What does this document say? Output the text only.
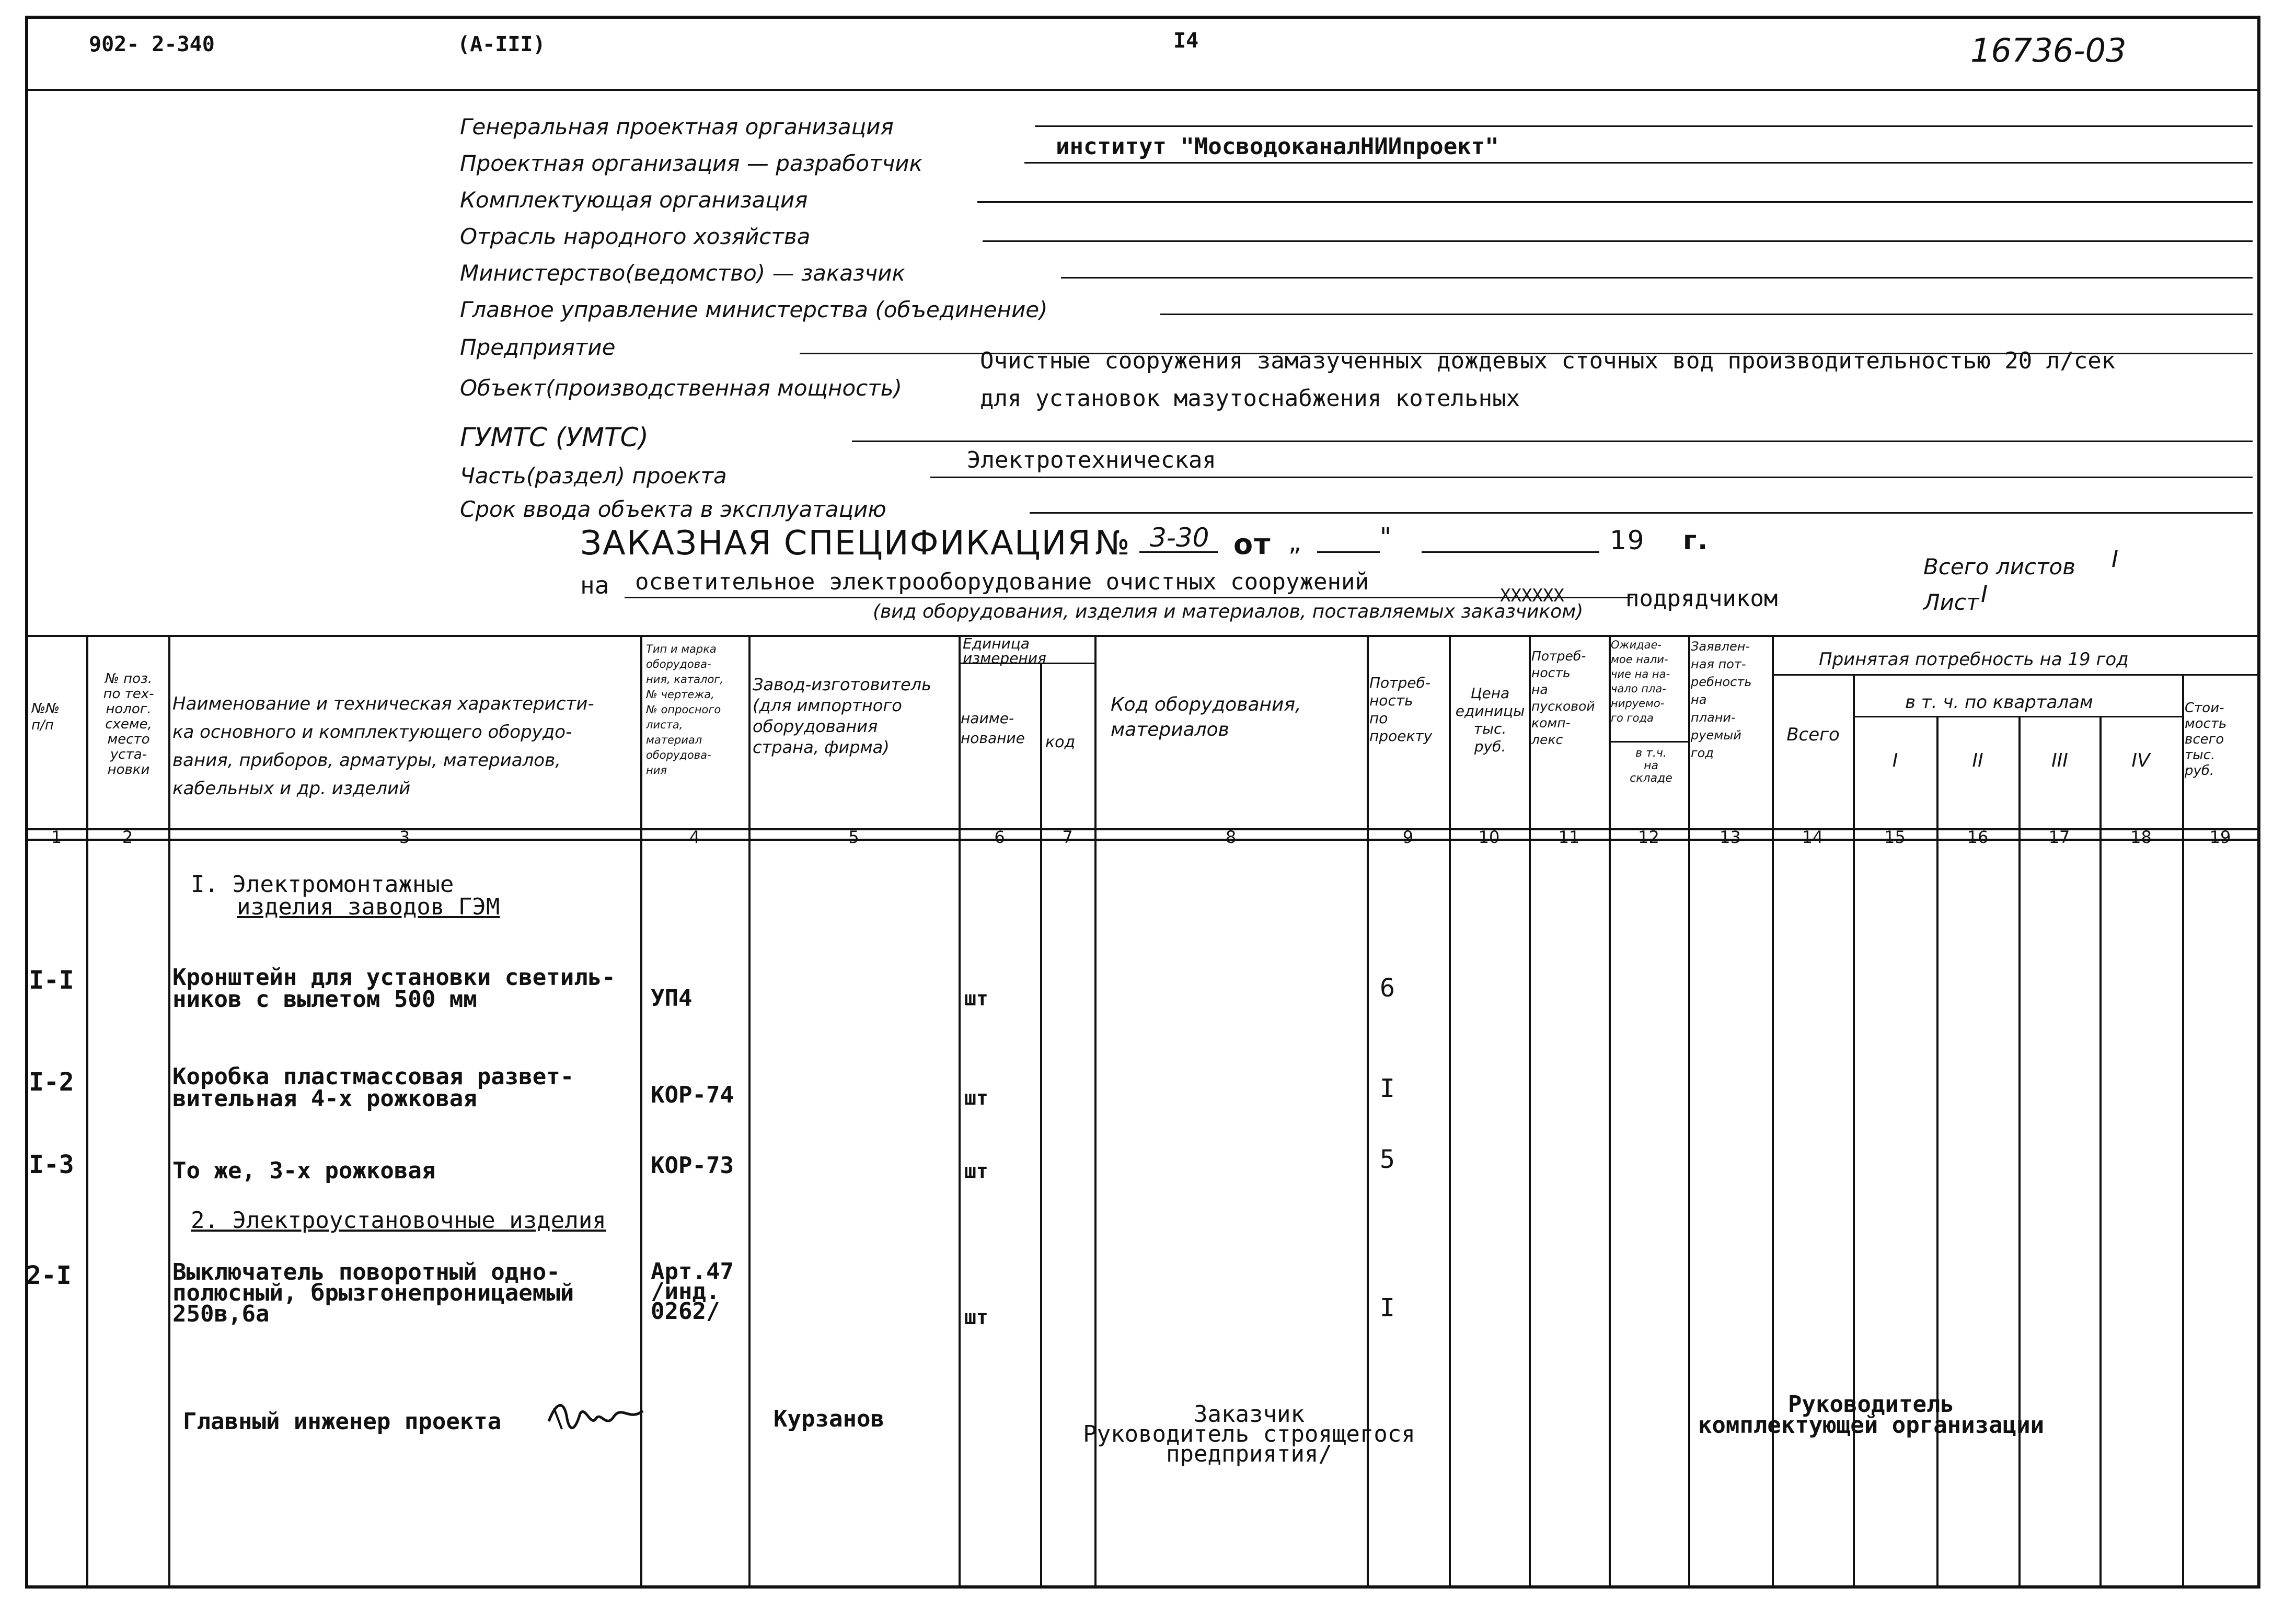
902- 2-340	(А-III)	I4	16736-03
Генеральная проектная организация
Проектная организация — разработчик
институт "МосводоканалНИИпроект"
Комплектующая организация
Отрасль народного хозяйства
Министерство(ведомство) — заказчик
Главное управление министерства (объединение)
Предприятие
Объект(производственная мощность)
Очистные сооружения замазученных дождевых сточных вод производительностью 20 л/сек
для установок мазутоснабжения котельных
ГУМТС (УМТС)
Часть(раздел) проекта
Электротехническая
Срок ввода объекта в эксплуатацию
ЗАКАЗНАЯ СПЕЦИФИКАЦИЯ № 3-30 от „	"	19 г.
на осветительное электрооборудование очистных сооружений
ХХХХХХ	подрядчиком
(вид оборудования, изделия и материалов, поставляемых заказчиком)
Всего листов I
Лист I
№№
п/п
№ поз.
по тех-
нолог.
схеме,
место
уста-
новки
Наименование и техническая характеристи-
ка основного и комплектующего оборудо-
вания, приборов, арматуры, материалов,
кабельных и др. изделий
Тип и марка
оборудова-
ния, каталог,
№ чертежа,
№ опросного
листа,
материал
оборудова-
ния
Завод-изготовитель
(для импортного
оборудования
страна, фирма)
Единица
измерения
наиме-
нование	код
Код оборудования,
материалов
Потреб-
ность
по
проекту
Цена
единицы
тыс.
руб.
Потреб-
ность
на
пусковой
комп-
лекс
Ожидае-
мое нали-
чие на на-
чало пла-
нируемо-
го года
в т.ч.
на
складе
Заявлен-
ная пот-
ребность
на
плани-
руемый
год
Принятая потребность на 19 год
в т. ч. по кварталам
Всего
I	II	III	IV
Стои-
мость
всего
тыс.
руб.
1	2	3	4	5	6	7	8	9	10	11	12	13	14	15	16	17	18	19
I. Электромонтажные
изделия заводов ГЭМ
I-I	Кронштейн для установки светиль-
ников с вылетом 500 мм	УП4	шт	6
I-2	Коробка пластмассовая развет-
вительная 4-х рожковая	КОР-74	шт	I
I-3	То же, 3-х рожковая	КОР-73	шт	5
2. Электроустановочные изделия
2-I	Выключатель поворотный одно-
полюсный, брызгонепроницаемый
250в,6а
Арт.47
/инд.
0262/	шт	I
Главный инженер проекта	Курзанов	Заказчик
Руководитель строящегося
предприятия/
Руководитель
комплектующей организации
